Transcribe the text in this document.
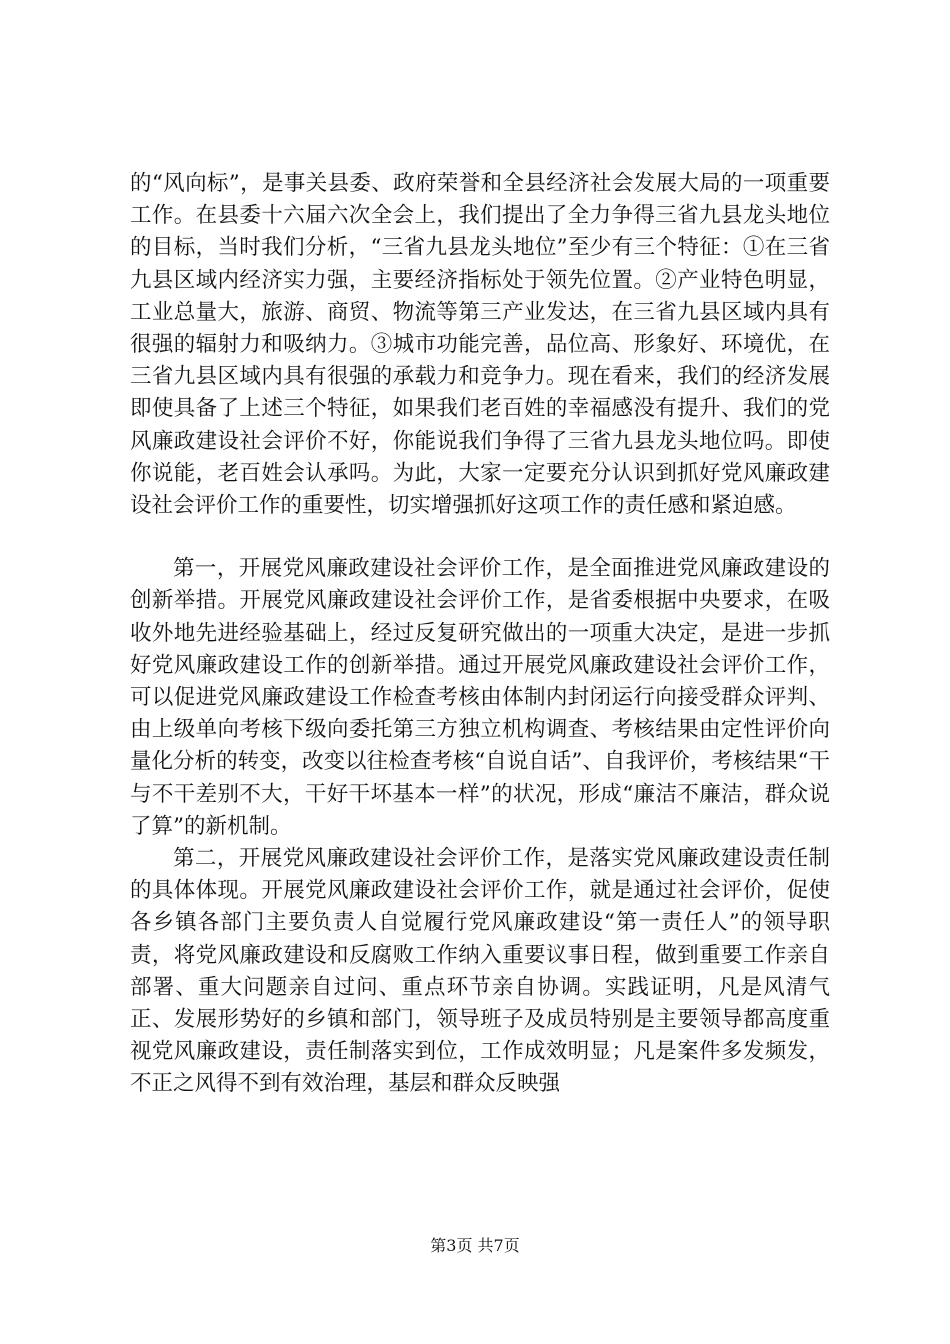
的“风向标”，是事关县委、政府荣誉和全县经济社会发展大局的一项重要工作。在县委十六届六次全会上，我们提出了全力争得三省九县龙头地位的目标，当时我们分析，“三省九县龙头地位”至少有三个特征：①在三省九县区域内经济实力强，主要经济指标处于领先位置。②产业特色明显，工业总量大，旅游、商贸、物流等第三产业发达，在三省九县区域内具有很强的辐射力和吸纳力。③城市功能完善，品位高、形象好、环境优，在三省九县区域内具有很强的承载力和竞争力。现在看来，我们的经济发展即使具备了上述三个特征，如果我们老百姓的幸福感没有提升、我们的党风廉政建设社会评价不好，你能说我们争得了三省九县龙头地位吗。即使你说能，老百姓会认承吗。为此，大家一定要充分认识到抓好党风廉政建设社会评价工作的重要性，切实增强抓好这项工作的责任感和紧迫感。

第一，开展党风廉政建设社会评价工作，是全面推进党风廉政建设的创新举措。开展党风廉政建设社会评价工作，是省委根据中央要求，在吸收外地先进经验基础上，经过反复研究做出的一项重大决定，是进一步抓好党风廉政建设工作的创新举措。通过开展党风廉政建设社会评价工作，可以促进党风廉政建设工作检查考核由体制内封闭运行向接受群众评判、由上级单向考核下级向委托第三方独立机构调查、考核结果由定性评价向量化分析的转变，改变以往检查考核“自说自话”、自我评价，考核结果“干与不干差别不大，干好干坏基本一样”的状况，形成“廉洁不廉洁，群众说了算”的新机制。

第二，开展党风廉政建设社会评价工作，是落实党风廉政建设责任制的具体体现。开展党风廉政建设社会评价工作，就是通过社会评价，促使各乡镇各部门主要负责人自觉履行党风廉政建设“第一责任人”的领导职责，将党风廉政建设和反腐败工作纳入重要议事日程，做到重要工作亲自部署、重大问题亲自过问、重点环节亲自协调。实践证明，凡是风清气正、发展形势好的乡镇和部门，领导班子及成员特别是主要领导都高度重视党风廉政建设，责任制落实到位，工作成效明显；凡是案件多发频发，不正之风得不到有效治理，基层和群众反映强

第3页 共7页
